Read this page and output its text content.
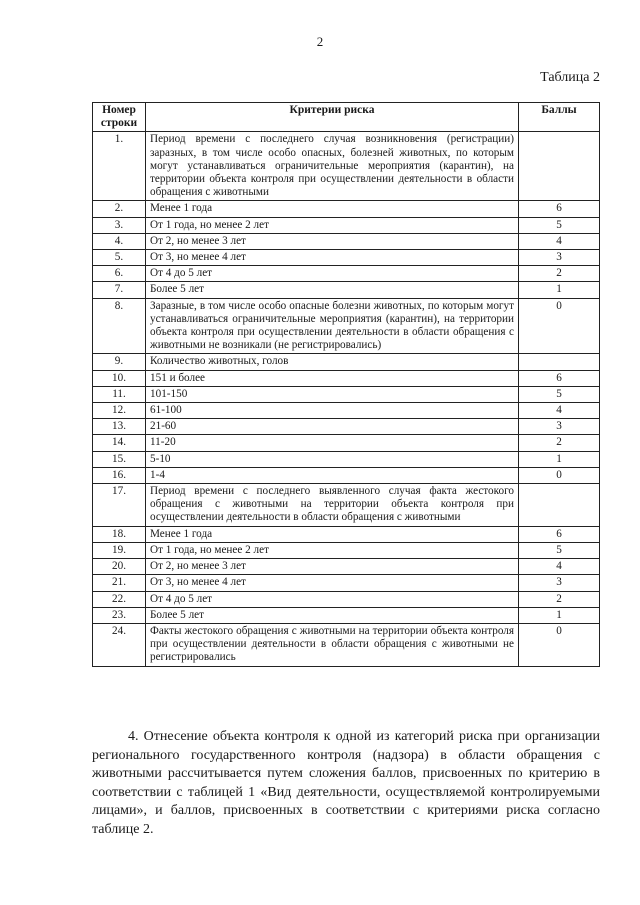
2
Таблица 2
Номер строки	Критерии риска	Баллы
1.	Период времени с последнего случая возникновения (регистрации) заразных, в том числе особо опасных, болезней животных, по которым могут устанавливаться ограничительные мероприятия (карантин), на территории объекта контроля при осуществлении деятельности в области обращения с животными	
2.	Менее 1 года	6
3.	От 1 года, но менее 2 лет	5
4.	От 2, но менее 3 лет	4
5.	От 3, но менее 4 лет	3
6.	От 4 до 5 лет	2
7.	Более 5 лет	1
8.	Заразные, в том числе особо опасные болезни животных, по которым могут устанавливаться ограничительные мероприятия (карантин), на территории объекта контроля при осуществлении деятельности в области обращения с животными не возникали (не регистрировались)	0
9.	Количество животных, голов	
10.	151 и более	6
11.	101-150	5
12.	61-100	4
13.	21-60	3
14.	11-20	2
15.	5-10	1
16.	1-4	0
17.	Период времени с последнего выявленного случая факта жестокого обращения с животными на территории объекта контроля при осуществлении деятельности в области обращения с животными	
18.	Менее 1 года	6
19.	От 1 года, но менее 2 лет	5
20.	От 2, но менее 3 лет	4
21.	От 3, но менее 4 лет	3
22.	От 4 до 5 лет	2
23.	Более 5 лет	1
24.	Факты жестокого обращения с животными на территории объекта контроля при осуществлении деятельности в области обращения с животными не регистрировались	0
4. Отнесение объекта контроля к одной из категорий риска при организации регионального государственного контроля (надзора) в области обращения с животными рассчитывается путем сложения баллов, присвоенных по критерию в соответствии с таблицей 1 «Вид деятельности, осуществляемой контролируемыми лицами», и баллов, присвоенных в соответствии с критериями риска согласно таблице 2.
